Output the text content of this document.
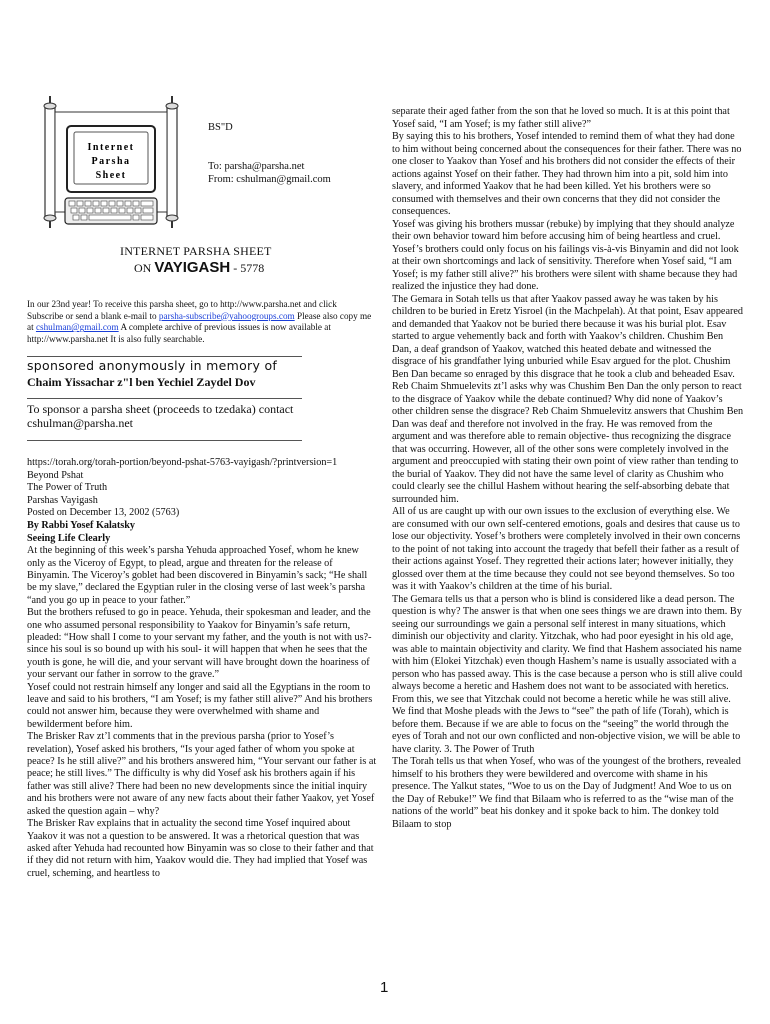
Internet
Parsha
Sheet
BS"D
To: parsha@parsha.net
From: cshulman@gmail.com
INTERNET PARSHA SHEET
ON VAYIGASH - 5778
In our 23nd year! To receive this parsha sheet, go to http://www.parsha.net and click Subscribe or send a blank e-mail to parsha-subscribe@yahoogroups.com Please also copy me at cshulman@gmail.com A complete archive of previous issues is now available at http://www.parsha.net It is also fully searchable.
sponsored anonymously in memory of
Chaim Yissachar z"l ben Yechiel Zaydel Dov
To sponsor a parsha sheet (proceeds to tzedaka) contact cshulman@parsha.net

https://torah.org/torah-portion/beyond-pshat-5763-vayigash/?printversion=1

Beyond Pshat

The Power of Truth

Parshas Vayigash

Posted on December 13, 2002 (5763)

By Rabbi Yosef Kalatsky

Seeing Life Clearly

At the beginning of this week’s parsha Yehuda approached Yosef, whom he knew only as the Viceroy of Egypt, to plead, argue and threaten for the release of Binyamin. The Viceroy’s goblet had been discovered in Binyamin’s sack; “He shall be my slave,” declared the Egyptian ruler in the closing verse of last week’s parsha “and you go up in peace to your father.”

But the brothers refused to go in peace. Yehuda, their spokesman and leader, and the one who assumed personal responsibility to Yaakov for Binyamin’s safe return, pleaded: “How shall I come to your servant my father, and the youth is not with us?- since his soul is so bound up with his soul- it will happen that when he sees that the youth is gone, he will die, and your servant will have brought down the hoariness of your servant our father in sorrow to the grave.”

Yosef could not restrain himself any longer and said all the Egyptians in the room to leave and said to his brothers, “I am Yosef; is my father still alive?” And his brothers could not answer him, because they were overwhelmed with shame and bewilderment before him.

The Brisker Rav zt’l comments that in the previous parsha (prior to Yosef’s revelation), Yosef asked his brothers, “Is your aged father of whom you spoke at peace? Is he still alive?” and his brothers answered him, “Your servant our father is at peace; he still lives.” The difficulty is why did Yosef ask his brothers again if his father was still alive? There had been no new developments since the initial inquiry and his brothers were not aware of any new facts about their father Yaakov, yet Yosef asked the question again – why?

The Brisker Rav explains that in actuality the second time Yosef inquired about Yaakov it was not a question to be answered. It was a rhetorical question that was asked after Yehuda had recounted how Binyamin was so close to their father and that if they did not return with him, Yaakov would die. They had implied that Yosef was cruel, scheming, and heartless to

separate their aged father from the son that he loved so much. It is at this point that Yosef said, “I am Yosef; is my father still alive?”

By saying this to his brothers, Yosef intended to remind them of what they had done to him without being concerned about the consequences for their father. There was no one closer to Yaakov than Yosef and his brothers did not consider the effects of their actions against Yosef on their father. They had thrown him into a pit, sold him into slavery, and informed Yaakov that he had been killed. Yet his brothers were so consumed with themselves and their own concerns that they did not consider the consequences.

Yosef was giving his brothers mussar (rebuke) by implying that they should analyze their own behavior toward him before accusing him of being heartless and cruel. Yosef’s brothers could only focus on his failings vis-à-vis Binyamin and did not look at their own shortcomings and lack of sensitivity. Therefore when Yosef said, “I am Yosef; is my father still alive?” his brothers were silent with shame because they had realized the injustice they had done.

The Gemara in Sotah tells us that after Yaakov passed away he was taken by his children to be buried in Eretz Yisroel (in the Machpelah). At that point, Esav appeared and demanded that Yaakov not be buried there because it was his burial plot. Esav started to argue vehemently back and forth with Yaakov’s children. Chushim Ben Dan, a deaf grandson of Yaakov, watched this heated debate and witnessed the disgrace of his grandfather lying unburied while Esav argued for the plot. Chushim Ben Dan became so enraged by this disgrace that he took a club and beheaded Esav.

Reb Chaim Shmuelevits zt’l asks why was Chushim Ben Dan the only person to react to the disgrace of Yaakov while the debate continued? Why did none of Yaakov’s other children sense the disgrace? Reb Chaim Shmuelevitz answers that Chushim Ben Dan was deaf and therefore not involved in the fray. He was removed from the argument and was therefore able to remain objective- thus recognizing the disgrace that was occurring. However, all of the other sons were completely involved in the argument and preoccupied with stating their own point of view rather than tending to the burial of Yaakov. They did not have the same level of clarity as Chushim who could clearly see the chillul Hashem without hearing the self-absorbing debate that surrounded him.

All of us are caught up with our own issues to the exclusion of everything else. We are consumed with our own self-centered emotions, goals and desires that cause us to lose our objectivity. Yosef’s brothers were completely involved in their own concerns to the point of not taking into account the tragedy that befell their father as a result of their actions against Yosef. They regretted their actions later; however initially, they glossed over them at the time because they could not see beyond themselves. So too was it with Yaakov’s children at the time of his burial.

The Gemara tells us that a person who is blind is considered like a dead person. The question is why? The answer is that when one sees things we are drawn into them. By seeing our surroundings we gain a personal self interest in many situations, which diminish our objectivity and clarity. Yitzchak, who had poor eyesight in his old age, was able to maintain objectivity and clarity. We find that Hashem associated his name with him (Elokei Yitzchak) even though Hashem’s name is usually associated with a person who has passed away. This is the case because a person who is still alive could always become a heretic and Hashem does not want to be associated with heretics. From this, we see that Yitzchak could not become a heretic while he was still alive.

We find that Moshe pleads with the Jews to “see” the path of life (Torah), which is before them. Because if we are able to focus on the “seeing” the world through the eyes of Torah and not our own conflicted and non-objective vision, we will be able to have clarity. 3. The Power of Truth

The Torah tells us that when Yosef, who was of the youngest of the brothers, revealed himself to his brothers they were bewildered and overcome with shame in his presence. The Yalkut states, “Woe to us on the Day of Judgment! And Woe to us on the Day of Rebuke!” We find that Bilaam who is referred to as the “wise man of the nations of the world” beat his donkey and it spoke back to him. The donkey told Bilaam to stop

1
